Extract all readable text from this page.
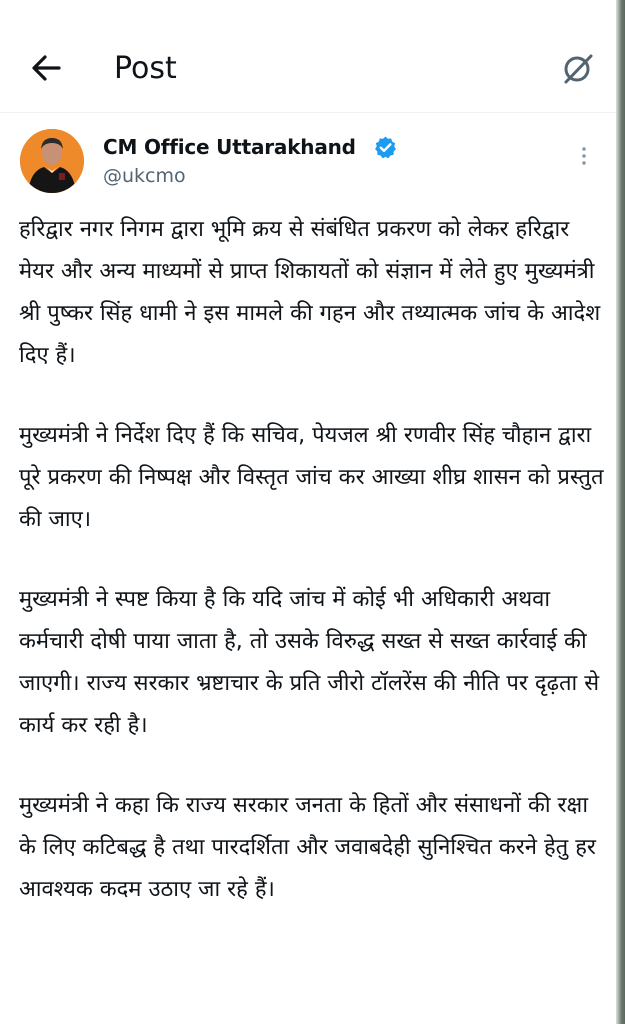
Post
CM Office Uttarakhand
@ukcmo

हरिद्वार नगर निगम द्वारा भूमि क्रय से संबंधित प्रकरण को लेकर हरिद्वार मेयर और अन्य माध्यमों से प्राप्त शिकायतों को संज्ञान में लेते हुए मुख्यमंत्री श्री पुष्कर सिंह धामी ने इस मामले की गहन और तथ्यात्मक जांच के आदेश दिए हैं।

मुख्यमंत्री ने निर्देश दिए हैं कि सचिव, पेयजल श्री रणवीर सिंह चौहान द्वारा पूरे प्रकरण की निष्पक्ष और विस्तृत जांच कर आख्या शीघ्र शासन को प्रस्तुत की जाए।

मुख्यमंत्री ने स्पष्ट किया है कि यदि जांच में कोई भी अधिकारी अथवा कर्मचारी दोषी पाया जाता है, तो उसके विरुद्ध सख्त से सख्त कार्रवाई की जाएगी। राज्य सरकार भ्रष्टाचार के प्रति जीरो टॉलरेंस की नीति पर दृढ़ता से कार्य कर रही है।

मुख्यमंत्री ने कहा कि राज्य सरकार जनता के हितों और संसाधनों की रक्षा के लिए कटिबद्ध है तथा पारदर्शिता और जवाबदेही सुनिश्चित करने हेतु हर आवश्यक कदम उठाए जा रहे हैं।
